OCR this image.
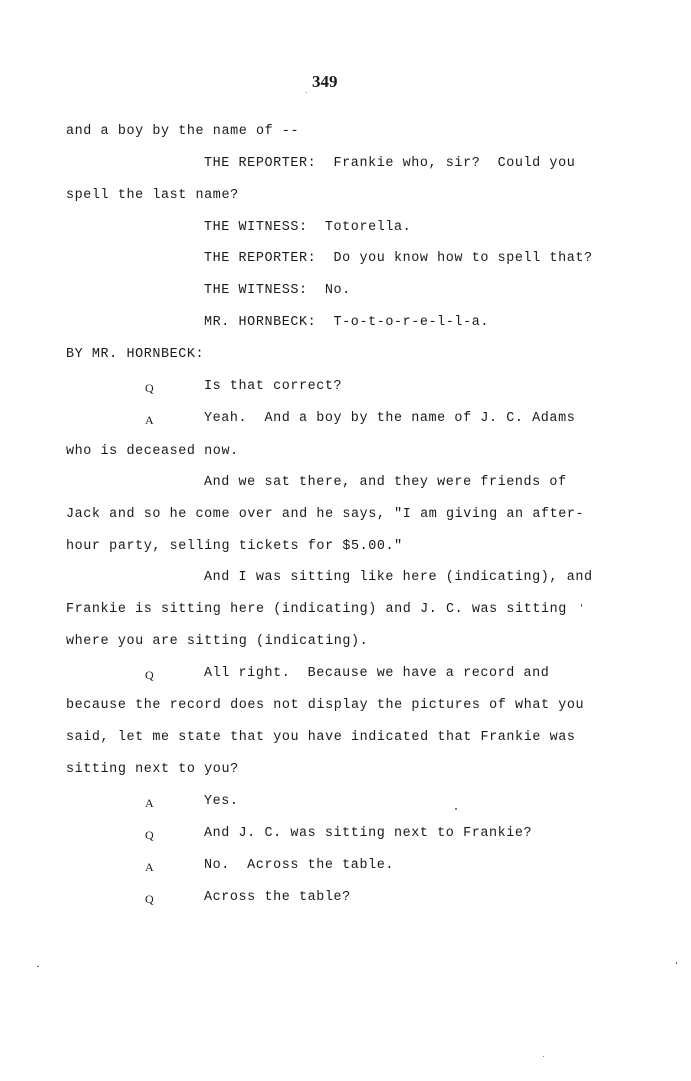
349
and a boy by the name of --
THE REPORTER:  Frankie who, sir?  Could you
spell the last name?
THE WITNESS:  Totorella.
THE REPORTER:  Do you know how to spell that?
THE WITNESS:  No.
MR. HORNBECK:  T-o-t-o-r-e-l-l-a.
BY MR. HORNBECK:
Q	Is that correct?
A	Yeah.  And a boy by the name of J. C. Adams
who is deceased now.
And we sat there, and they were friends of
Jack and so he come over and he says, "I am giving an after-
hour party, selling tickets for $5.00."
And I was sitting like here (indicating), and
Frankie is sitting here (indicating) and J. C. was sitting
where you are sitting (indicating).
Q	All right.  Because we have a record and
because the record does not display the pictures of what you
said, let me state that you have indicated that Frankie was
sitting next to you?
A	Yes.
Q	And J. C. was sitting next to Frankie?
A	No.  Across the table.
Q	Across the table?
